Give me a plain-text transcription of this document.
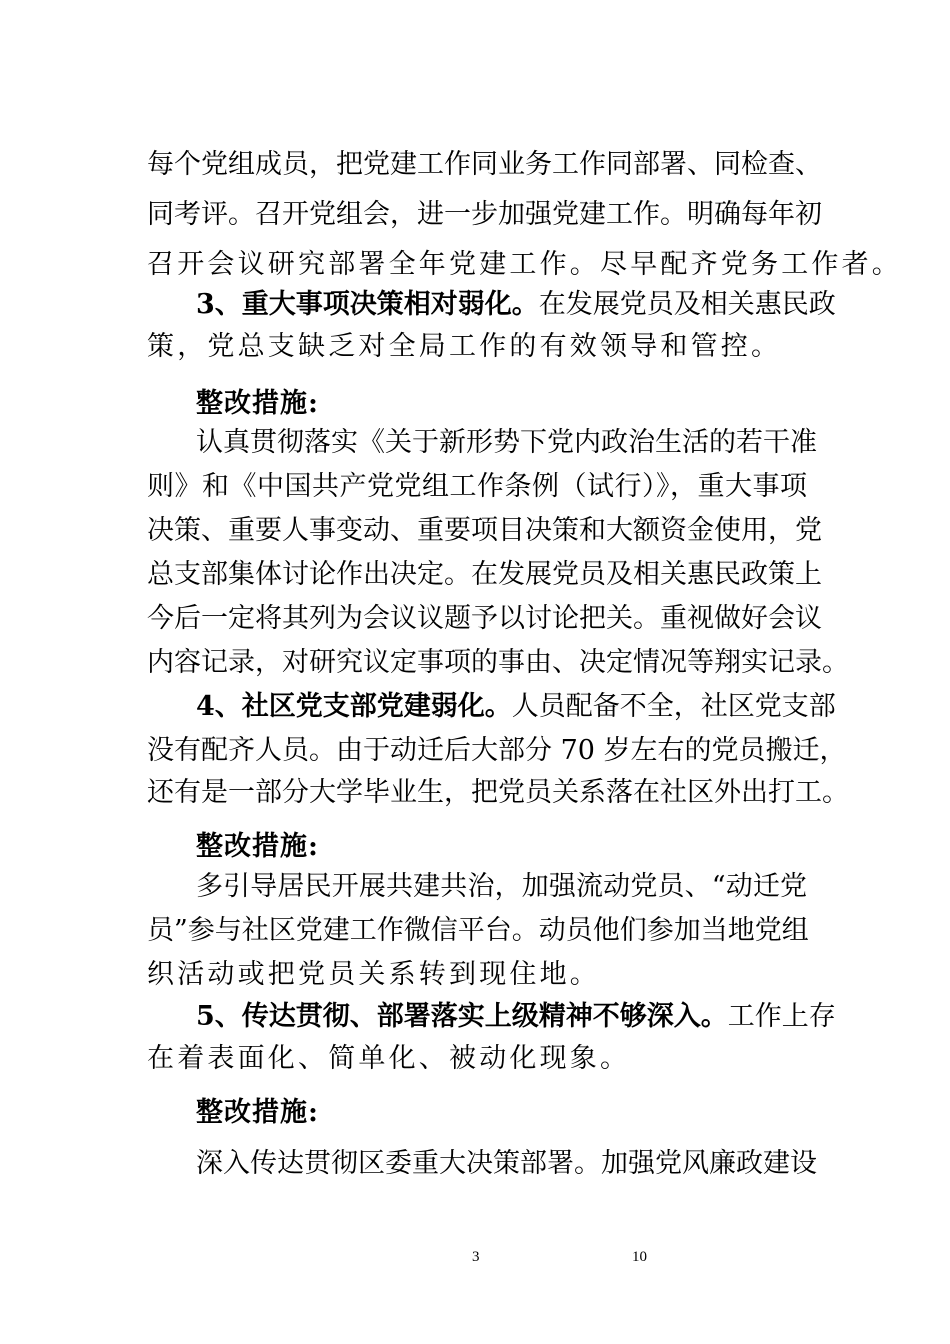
每个党组成员，把党建工作同业务工作同部署、同检查、
同考评。召开党组会，进一步加强党建工作。明确每年初
召开会议研究部署全年党建工作。尽早配齐党务工作者。
3、重大事项决策相对弱化。在发展党员及相关惠民政
策，党总支缺乏对全局工作的有效领导和管控。
整改措施:
认真贯彻落实《关于新形势下党内政治生活的若干准
则》和《中国共产党党组工作条例（试行）》，重大事项
决策、重要人事变动、重要项目决策和大额资金使用，党
总支部集体讨论作出决定。在发展党员及相关惠民政策上
今后一定将其列为会议议题予以讨论把关。重视做好会议
内容记录，对研究议定事项的事由、决定情况等翔实记录。
4、社区党支部党建弱化。人员配备不全，社区党支部
没有配齐人员。由于动迁后大部分 70 岁左右的党员搬迁，
还有是一部分大学毕业生，把党员关系落在社区外出打工。
整改措施:
多引导居民开展共建共治，加强流动党员、“动迁党
员”参与社区党建工作微信平台。动员他们参加当地党组
织活动或把党员关系转到现住地。
5、传达贯彻、部署落实上级精神不够深入。工作上存
在着表面化、简单化、被动化现象。
整改措施:
深入传达贯彻区委重大决策部署。加强党风廉政建设
3	10
